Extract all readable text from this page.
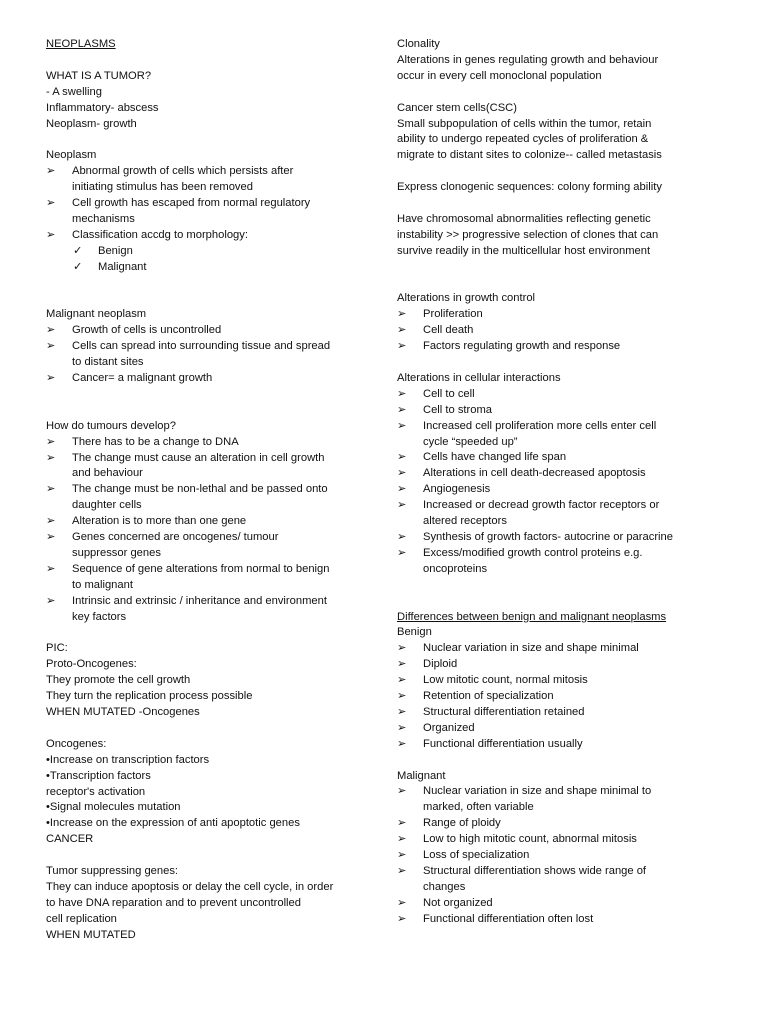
NEOPLASMS
WHAT IS A TUMOR?
- A swelling
Inflammatory- abscess
Neoplasm- growth
Neoplasm
➢	Abnormal growth of cells which persists after
initiating stimulus has been removed
➢	Cell growth has escaped from normal regulatory
mechanisms
➢	Classification accdg to morphology:
✓	Benign
✓	Malignant
Malignant neoplasm
➢	Growth of cells is uncontrolled
➢	Cells can spread into surrounding tissue and spread
to distant sites
➢	Cancer= a malignant growth
How do tumours develop?
➢	There has to be a change to DNA
➢	The change must cause an alteration in cell growth
and behaviour
➢	The change must be non-lethal and be passed onto
daughter cells
➢	Alteration is to more than one gene
➢	Genes concerned are oncogenes/ tumour
suppressor genes
➢	Sequence of gene alterations from normal to benign
to malignant
➢	Intrinsic and extrinsic / inheritance and environment
key factors
PIC:
Proto-Oncogenes:
They promote the cell growth
They turn the replication process possible
WHEN MUTATED -Oncogenes
Oncogenes:
•Increase on transcription factors
•Transcription factors
receptor's activation
•Signal molecules mutation
•Increase on the expression of anti apoptotic genes
CANCER
Tumor suppressing genes:
They can induce apoptosis or delay the cell cycle, in order
to have DNA reparation and to prevent uncontrolled
cell replication
WHEN MUTATED
Clonality
Alterations in genes regulating growth and behaviour
occur in every cell monoclonal population
Cancer stem cells(CSC)
Small subpopulation of cells within the tumor, retain
ability to undergo repeated cycles of proliferation &
migrate to distant sites to colonize-- called metastasis
Express clonogenic sequences: colony forming ability
Have chromosomal abnormalities reflecting genetic
instability >> progressive selection of clones that can
survive readily in the multicellular host environment
Alterations in growth control
➢	Proliferation
➢	Cell death
➢	Factors regulating growth and response
Alterations in cellular interactions
➢	Cell to cell
➢	Cell to stroma
➢	Increased cell proliferation more cells enter cell
cycle “speeded up”
➢	Cells have changed life span
➢	Alterations in cell death-decreased apoptosis
➢	Angiogenesis
➢	Increased or decread growth factor receptors or
altered receptors
➢	Synthesis of growth factors- autocrine or paracrine
➢	Excess/modified growth control proteins e.g.
oncoproteins
Differences between benign and malignant neoplasms
Benign
➢	Nuclear variation in size and shape minimal
➢	Diploid
➢	Low mitotic count, normal mitosis
➢	Retention of specialization
➢	Structural differentiation retained
➢	Organized
➢	Functional differentiation usually
Malignant
➢	Nuclear variation in size and shape minimal to
marked, often variable
➢	Range of ploidy
➢	Low to high mitotic count, abnormal mitosis
➢	Loss of specialization
➢	Structural differentiation shows wide range of
changes
➢	Not organized
➢	Functional differentiation often lost
